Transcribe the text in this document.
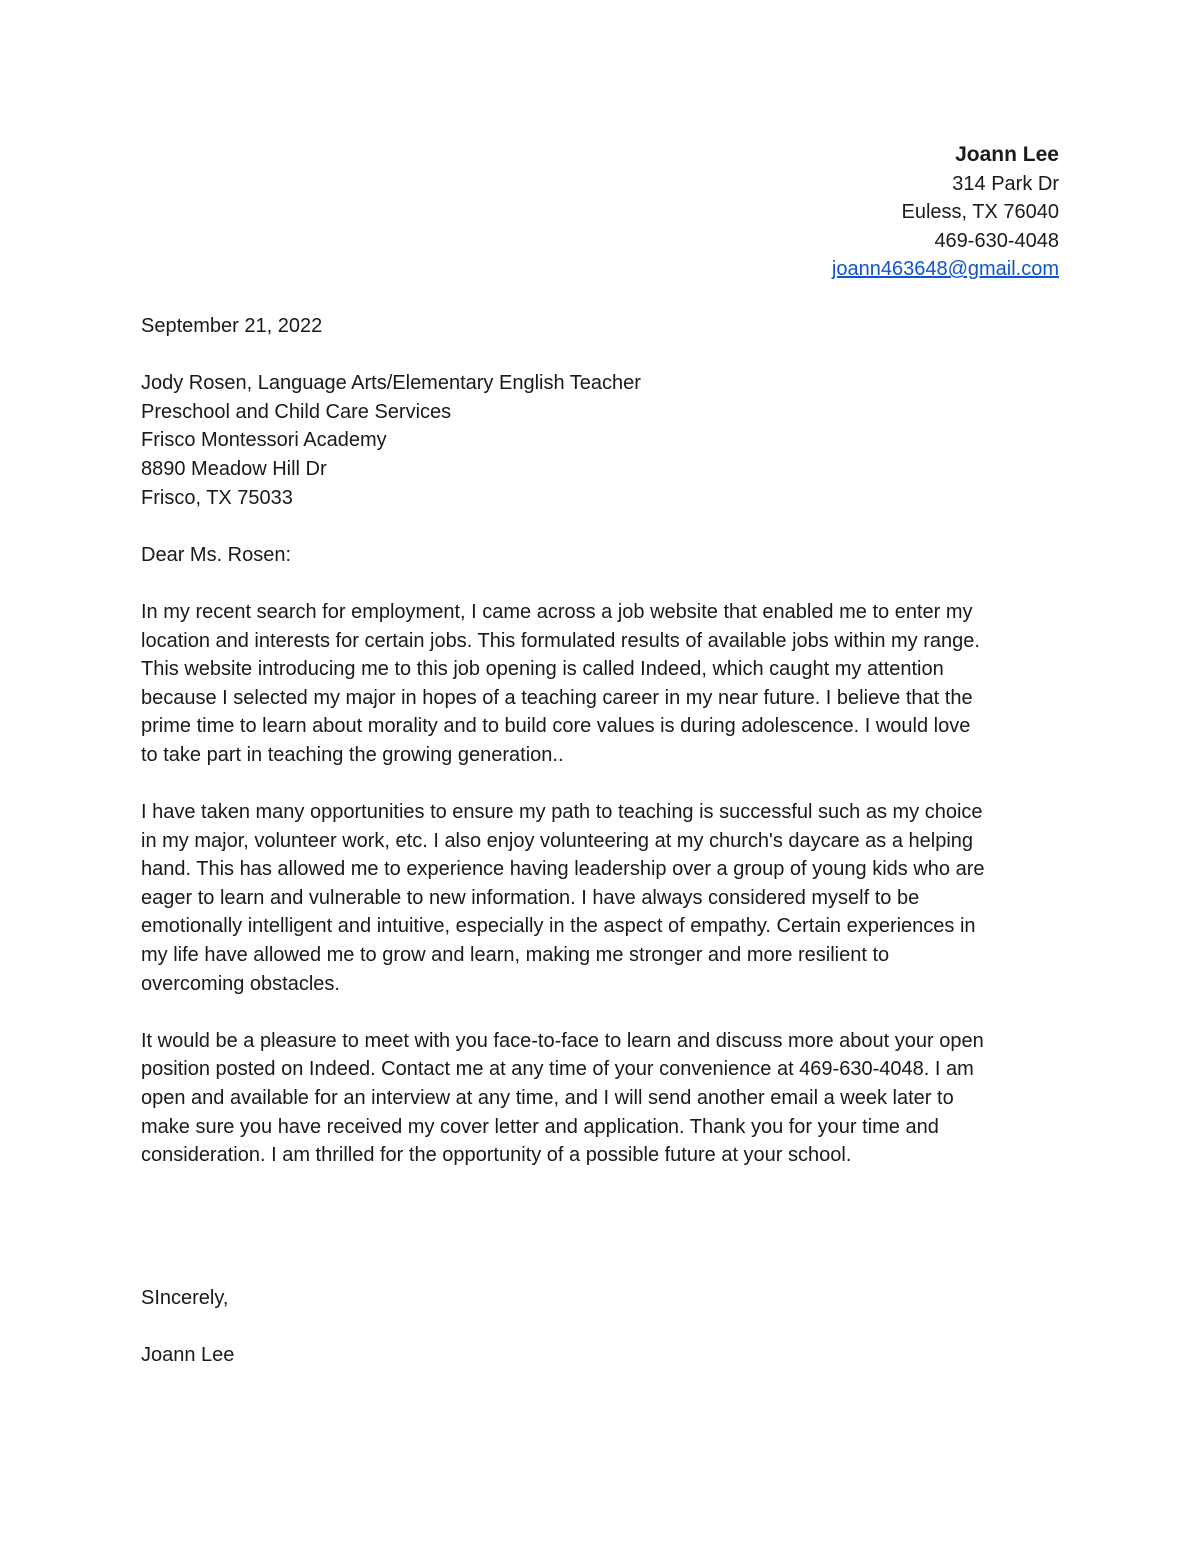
Joann Lee
314 Park Dr
Euless, TX 76040
469-630-4048
joann463648@gmail.com

September 21, 2022

Jody Rosen, Language Arts/Elementary English Teacher

Preschool and Child Care Services

Frisco Montessori Academy

8890 Meadow Hill Dr

Frisco, TX 75033

Dear Ms. Rosen:

In my recent search for employment, I came across a job website that enabled me to enter my

location and interests for certain jobs. This formulated results of available jobs within my range.

This website introducing me to this job opening is called Indeed, which caught my attention

because I selected my major in hopes of a teaching career in my near future. I believe that the

prime time to learn about morality and to build core values is during adolescence. I would love

to take part in teaching the growing generation..

I have taken many opportunities to ensure my path to teaching is successful such as my choice

in my major, volunteer work, etc. I also enjoy volunteering at my church's daycare as a helping

hand. This has allowed me to experience having leadership over a group of young kids who are

eager to learn and vulnerable to new information. I have always considered myself to be

emotionally intelligent and intuitive, especially in the aspect of empathy. Certain experiences in

my life have allowed me to grow and learn, making me stronger and more resilient to

overcoming obstacles.

It would be a pleasure to meet with you face-to-face to learn and discuss more about your open

position posted on Indeed. Contact me at any time of your convenience at 469-630-4048. I am

open and available for an interview at any time, and I will send another email a week later to

make sure you have received my cover letter and application. Thank you for your time and

consideration. I am thrilled for the opportunity of a possible future at your school.

SIncerely,

Joann Lee
